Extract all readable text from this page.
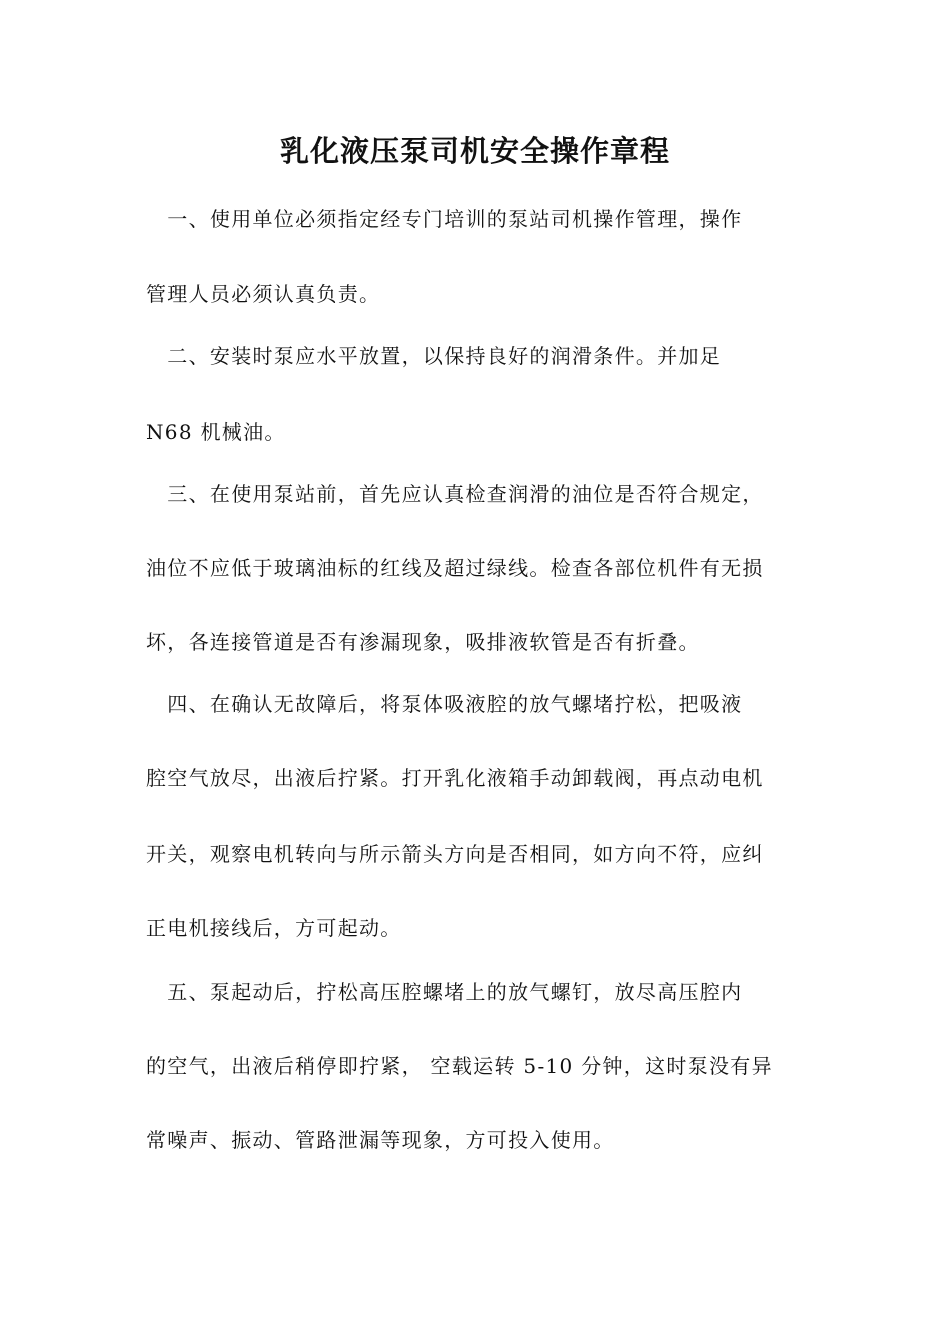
乳化液压泵司机安全操作章程

　一、使用单位必须指定经专门培训的泵站司机操作管理，操作

管理人员必须认真负责。

　二、安装时泵应水平放置，以保持良好的润滑条件。并加足

N68 机械油。

　三、在使用泵站前，首先应认真检查润滑的油位是否符合规定，

油位不应低于玻璃油标的红线及超过绿线。检查各部位机件有无损

坏，各连接管道是否有渗漏现象，吸排液软管是否有折叠。

　四、在确认无故障后，将泵体吸液腔的放气螺堵拧松，把吸液

腔空气放尽，出液后拧紧。打开乳化液箱手动卸载阀，再点动电机

开关，观察电机转向与所示箭头方向是否相同，如方向不符，应纠

正电机接线后，方可起动。

　五、泵起动后，拧松高压腔螺堵上的放气螺钉，放尽高压腔内

的空气，出液后稍停即拧紧， 空载运转 5-10 分钟，这时泵没有异

常噪声、振动、管路泄漏等现象，方可投入使用。
